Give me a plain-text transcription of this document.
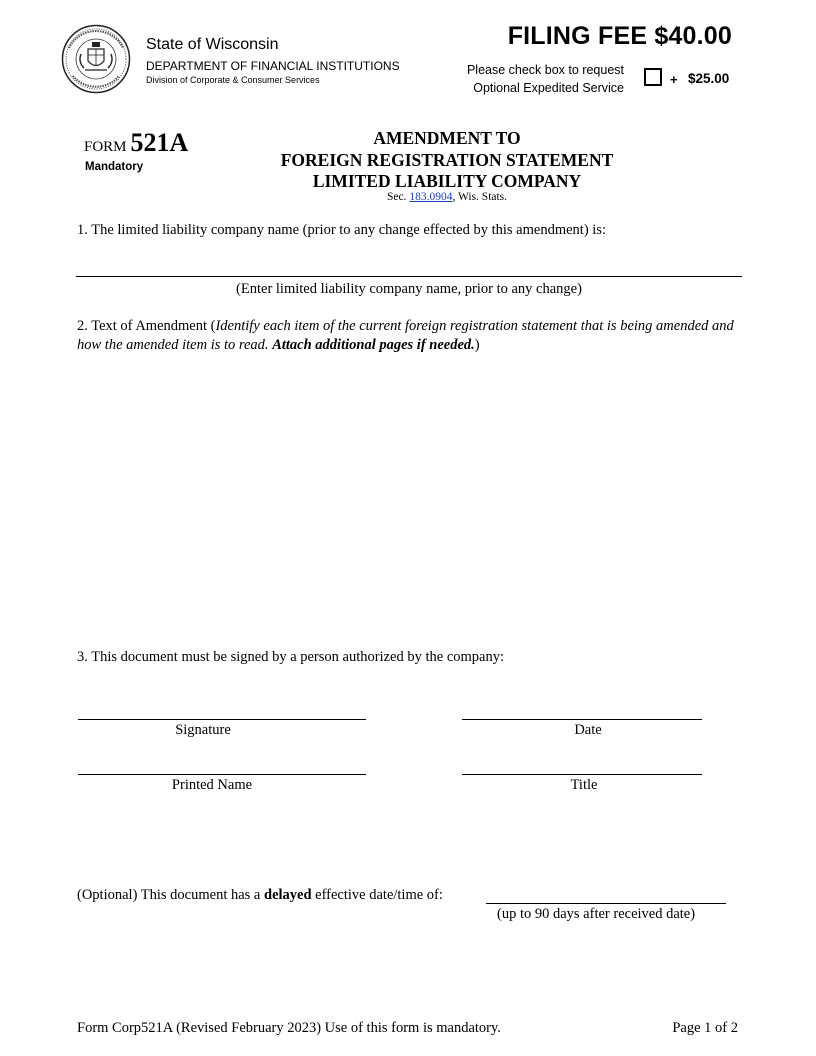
State of Wisconsin
DEPARTMENT OF FINANCIAL INSTITUTIONS
Division of Corporate & Consumer Services
FILING FEE $40.00
Please check box to request
Optional Expedited Service
+ $25.00
FORM 521A
Mandatory
AMENDMENT TO
FOREIGN REGISTRATION STATEMENT
LIMITED LIABILITY COMPANY
Sec. 183.0904, Wis. Stats.
1. The limited liability company name (prior to any change effected by this amendment) is:
(Enter limited liability company name, prior to any change)
2. Text of Amendment (Identify each item of the current foreign registration statement that is being amended and how the amended item is to read. Attach additional pages if needed.)
3. This document must be signed by a person authorized by the company:
Signature	Date
Printed Name	Title
(Optional) This document has a delayed effective date/time of:
(up to 90 days after received date)
Form Corp521A (Revised February 2023) Use of this form is mandatory.	Page 1 of 2
